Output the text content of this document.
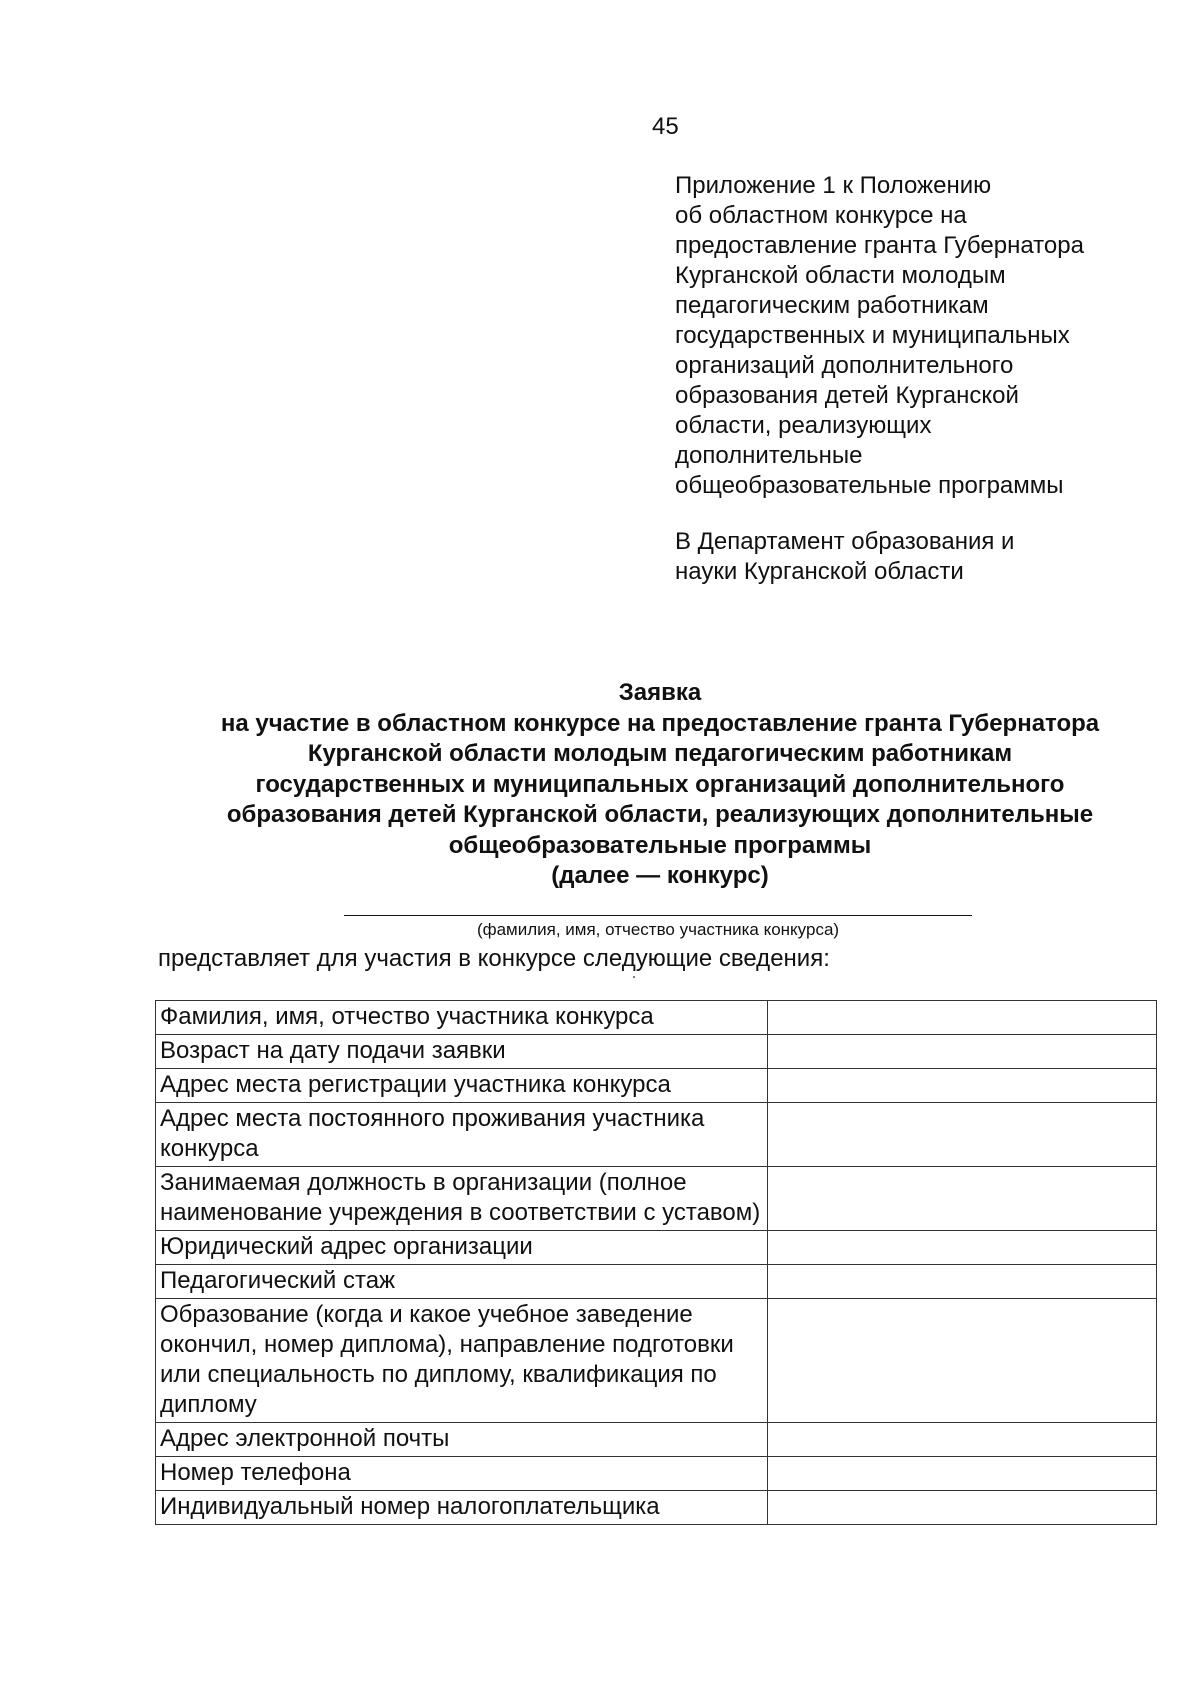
45
Приложение 1 к Положению
об областном конкурсе на
предоставление гранта Губернатора
Курганской области молодым
педагогическим работникам
государственных и муниципальных
организаций дополнительного
образования детей Курганской
области, реализующих
дополнительные
общеобразовательные программы
В Департамент образования и
науки Курганской области
Заявка
на участие в областном конкурсе на предоставление гранта Губернатора
Курганской области молодым педагогическим работникам
государственных и муниципальных организаций дополнительного
образования детей Курганской области, реализующих дополнительные
общеобразовательные программы
(далее — конкурс)
(фамилия, имя, отчество участника конкурса)
представляет для участия в конкурсе следующие сведения:
Фамилия, имя, отчество участника конкурса	
Возраст на дату подачи заявки	
Адрес места регистрации участника конкурса	
Адрес места постоянного проживания участника конкурса	
Занимаемая должность в организации (полное наименование учреждения в соответствии с уставом)	
Юридический адрес организации	
Педагогический стаж	
Образование (когда и какое учебное заведение окончил, номер диплома), направление подготовки или специальность по диплому, квалификация по диплому	
Адрес электронной почты	
Номер телефона	
Индивидуальный номер налогоплательщика	
